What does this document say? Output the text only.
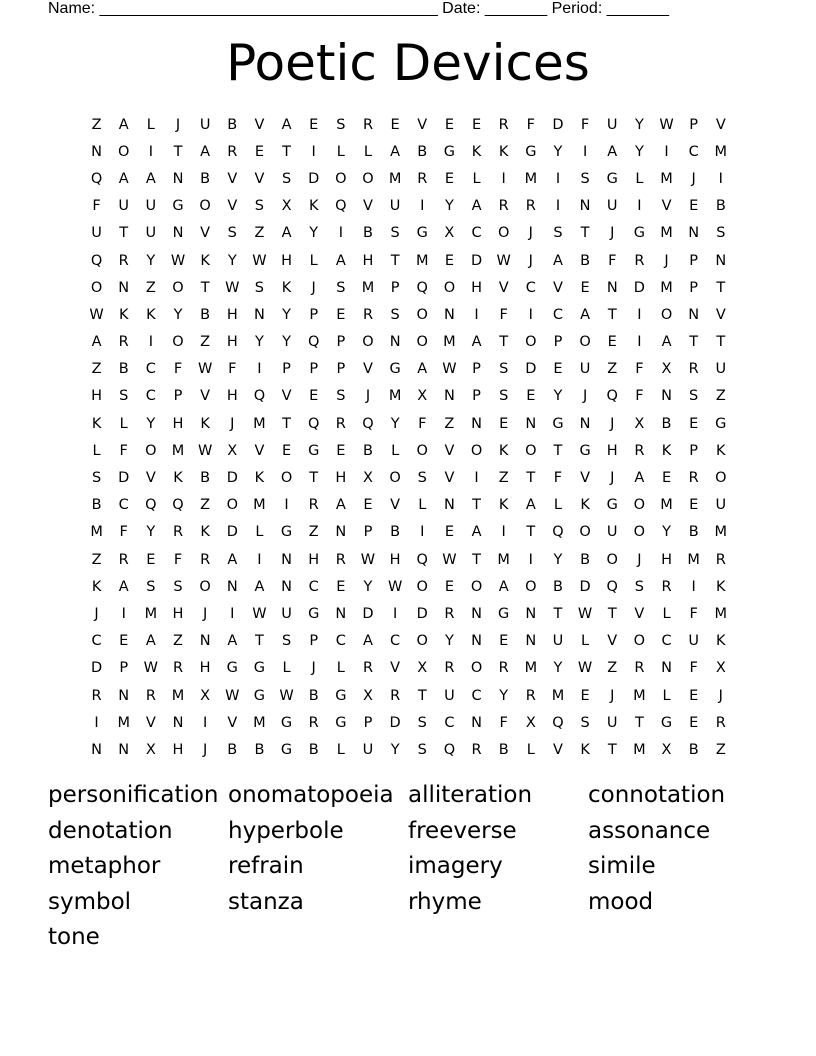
Name: ______________________________________ Date: _______ Period: _______
Poetic Devices
Z	A	L	J	U	B	V	A	E	S	R	E	V	E	E	R	F	D	F	U	Y	W	P	V
N	O	I	T	A	R	E	T	I	L	L	A	B	G	K	K	G	Y	I	A	Y	I	C	M
Q	A	A	N	B	V	V	S	D	O	O	M	R	E	L	I	M	I	S	G	L	M	J	I
F	U	U	G	O	V	S	X	K	Q	V	U	I	Y	A	R	R	I	N	U	I	V	E	B
U	T	U	N	V	S	Z	A	Y	I	B	S	G	X	C	O	J	S	T	J	G	M	N	S
Q	R	Y	W	K	Y	W	H	L	A	H	T	M	E	D W	J	A	B	F	R	J	P	N
O	N	Z	O	T	W	S	K	J	S	M	P	Q	O	H	V	C	V	E	N	D	M	P	T
W	K	K	Y	B	H	N	Y	P	E	R	S	O	N	I	F	I	C	A	T	I	O	N	V
A	R	I	O	Z	H	Y	Y	Q	P	O	N	O	M	A	T	O	P	O	E	I	A	T	T
Z	B	C	F	W	F	I	P	P	P	V	G	A	W	P	S	D	E	U	Z	F	X	R	U
H	S	C	P	V	H	Q	V	E	S	J	M	X	N	P	S	E	Y	J	Q	F	N	S	Z
K	L	Y	H	K	J	M	T	Q	R	Q	Y	F	Z	N	E	N	G	N	J	X	B	E	G
L	F	O	M W	X	V	E	G	E	B	L	O	V	O	K	O	T	G	H	R	K	P	K
S	D	V	K	B	D	K	O	T	H	X	O	S	V	I	Z	T	F	V	J	A	E	R	O
B	C	Q	Q	Z	O	M	I	R	A	E	V	L	N	T	K	A	L	K	G	O	M	E	U
M	F	Y	R	K	D	L	G	Z	N	P	B	I	E	A	I	T	Q	O	U	O	Y	B	M
Z	R	E	F	R	A	I	N	H	R	W	H	Q W	T	M	I	Y	B	O	J	H	M	R
K	A	S	S	O	N	A	N	C	E	Y	W O	E	O	A	O	B	D	Q	S	R	I	K
J	I	M	H	J	I	W	U	G	N	D	I	D	R	N	G	N	T	W	T	V	L	F	M
C	E	A	Z	N	A	T	S	P	C	A	C	O	Y	N	E	N	U	L	V	O	C	U	K
D	P	W	R	H	G	G	L	J	L	R	V	X	R	O	R	M	Y	W	Z	R	N	F	X
R	N	R	M	X	W G W	B	G	X	R	T	U	C	Y	R	M	E	J	M	L	E	J
I	M	V	N	I	V	M	G	R	G	P	D	S	C	N	F	X	Q	S	U	T	G	E	R
N	N	X	H	J	B	B	G	B	L	U	Y	S	Q	R	B	L	V	K	T	M	X	B	Z
personification onomatopoeia alliteration	connotation
denotation	hyperbole	freeverse	assonance
metaphor	refrain	imagery	simile
symbol	stanza	rhyme	mood
tone
